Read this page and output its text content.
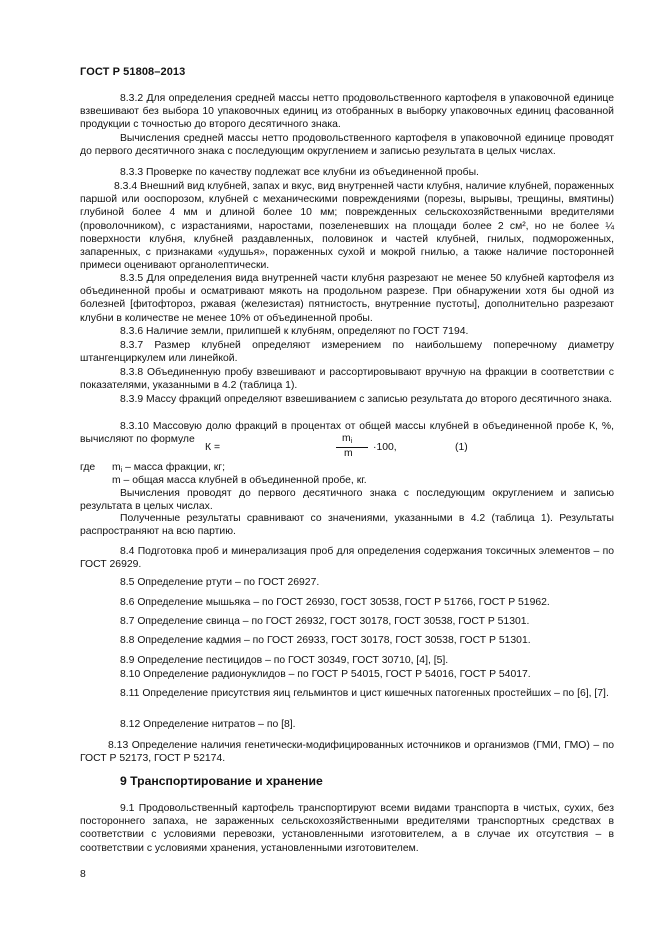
ГОСТ Р 51808–2013
8.3.2 Для определения средней массы нетто продовольственного картофеля в упаковочной единице взвешивают без выбора 10 упаковочных единиц из отобранных в выборку упаковочных единиц фасованной продукции с точностью до второго десятичного знака.
Вычисления средней массы нетто продовольственного картофеля в упаковочной единице проводят до первого десятичного знака с последующим округлением и записью результата в целых числах.
8.3.3 Проверке по качеству подлежат все клубни из объединенной пробы.
8.3.4 Внешний вид клубней, запах и вкус, вид внутренней части клубня, наличие клубней, пораженных паршой или ооспорозом, клубней с механическими повреждениями (порезы, вырывы, трещины, вмятины) глубиной более 4 мм и длиной более 10 мм; поврежденных сельскохозяйственными вредителями (проволочником), с израстаниями, наростами, позеленевших на площади более 2 см², но не более ¼ поверхности клубня, клубней раздавленных, половинок и частей клубней, гнилых, подмороженных, запаренных, с признаками «удушья», пораженных сухой и мокрой гнилью, а также наличие посторонней примеси оценивают органолептически.
8.3.5 Для определения вида внутренней части клубня разрезают не менее 50 клубней картофеля из объединенной пробы и осматривают мякоть на продольном разрезе. При обнаружении хотя бы одной из болезней [фитофтороз, ржавая (железистая) пятнистость, внутренние пустоты], дополнительно разрезают клубни в количестве не менее 10% от объединенной пробы.
8.3.6 Наличие земли, прилипшей к клубням, определяют по ГОСТ 7194.
8.3.7 Размер клубней определяют измерением по наибольшему поперечному диаметру штангенциркулем или линейкой.
8.3.8 Объединенную пробу взвешивают и рассортировывают вручную на фракции в соответствии с показателями, указанными в 4.2 (таблица 1).
8.3.9 Массу фракций определяют взвешиванием с записью результата до второго десятичного знака.
8.3.10 Массовую долю фракций в процентах от общей массы клубней в объединенной пробе К, %, вычисляют по формуле
К =
mi
m
·100,	(1)
где mi – масса фракции, кг;
m – общая масса клубней в объединенной пробе, кг.
Вычисления проводят до первого десятичного знака с последующим округлением и записью результата в целых числах.
Полученные результаты сравнивают со значениями, указанными в 4.2 (таблица 1). Результаты распространяют на всю партию.
8.4 Подготовка проб и минерализация проб для определения содержания токсичных элементов – по ГОСТ 26929.
8.5 Определение ртути – по ГОСТ 26927.
8.6 Определение мышьяка – по ГОСТ 26930, ГОСТ 30538, ГОСТ Р 51766, ГОСТ Р 51962.
8.7 Определение свинца – по ГОСТ 26932, ГОСТ 30178, ГОСТ 30538, ГОСТ Р 51301.
8.8 Определение кадмия – по ГОСТ 26933, ГОСТ 30178, ГОСТ 30538, ГОСТ Р 51301.
8.9 Определение пестицидов – по ГОСТ 30349, ГОСТ 30710, [4], [5].
8.10 Определение радионуклидов – по ГОСТ Р 54015, ГОСТ Р 54016, ГОСТ Р 54017.
8.11 Определение присутствия яиц гельминтов и цист кишечных патогенных простейших – по [6], [7].
8.12 Определение нитратов – по [8].
8.13 Определение наличия генетически-модифицированных источников и организмов (ГМИ, ГМО) – по ГОСТ Р 52173, ГОСТ Р 52174.
9 Транспортирование и хранение
9.1 Продовольственный картофель транспортируют всеми видами транспорта в чистых, сухих, без постороннего запаха, не зараженных сельскохозяйственными вредителями транспортных средствах в соответствии с условиями перевозки, установленными изготовителем, а в случае их отсутствия – в соответствии с условиями хранения, установленными изготовителем.
8
